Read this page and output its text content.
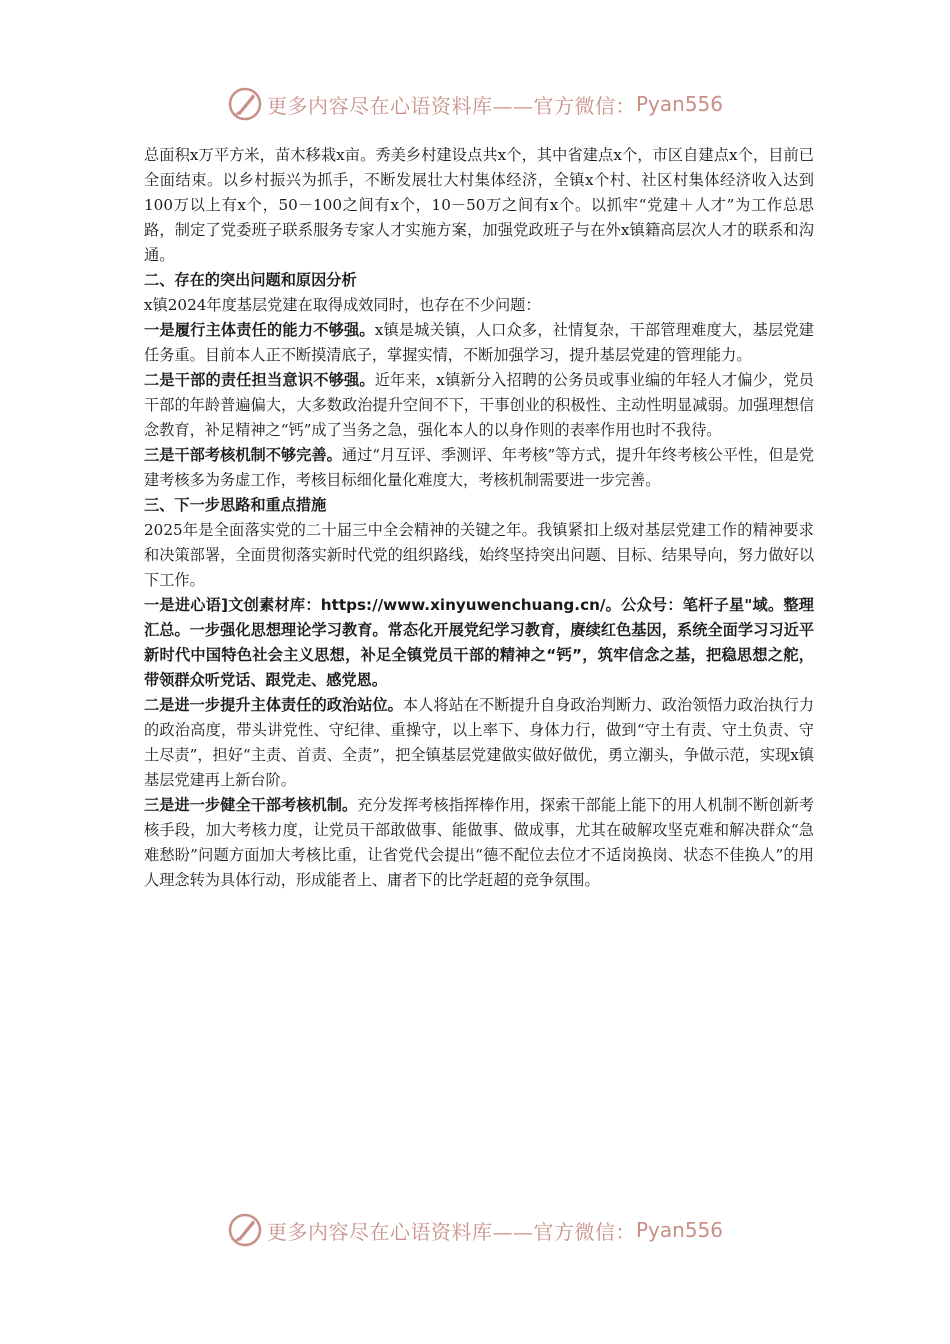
更多内容尽在心语资料库——官方微信： Pyan556

总面积x万平方米，苗木移栽x亩。秀美乡村建设点共x个，其中省建点x个，市区自建点x个，目前已全面结束。以乡村振兴为抓手，不断发展壮大村集体经济，全镇x个村、社区村集体经济收入达到100万以上有x个，50－100之间有x个，10－50万之间有x个。以抓牢“党建＋人才”为工作总思路，制定了党委班子联系服务专家人才实施方案，加强党政班子与在外x镇籍高层次人才的联系和沟通。

二、存在的突出问题和原因分析

x镇2024年度基层党建在取得成效同时，也存在不少问题：

一是履行主体责任的能力不够强。x镇是城关镇，人口众多，社情复杂，干部管理难度大，基层党建任务重。目前本人正不断摸清底子，掌握实情，不断加强学习，提升基层党建的管理能力。

二是干部的责任担当意识不够强。近年来，x镇新分入招聘的公务员或事业编的年轻人才偏少，党员干部的年龄普遍偏大，大多数政治提升空间不下，干事创业的积极性、主动性明显减弱。加强理想信念教育，补足精神之“钙”成了当务之急，强化本人的以身作则的表率作用也时不我待。

三是干部考核机制不够完善。通过“月互评、季测评、年考核”等方式，提升年终考核公平性，但是党建考核多为务虚工作，考核目标细化量化难度大，考核机制需要进一步完善。

三、下一步思路和重点措施

2025年是全面落实党的二十届三中全会精神的关键之年。我镇紧扣上级对基层党建工作的精神要求和决策部署，全面贯彻落实新时代党的组织路线，始终坚持突出问题、目标、结果导向，努力做好以下工作。

一是进心语]文创素材库：https://www.xinyuwenchuang.cn/。公众号：笔杆子星"域。整理汇总。一步强化思想理论学习教育。常态化开展党纪学习教育，赓续红色基因，系统全面学习习近平新时代中国特色社会主义思想，补足全镇党员干部的精神之“钙”，筑牢信念之基，把稳思想之舵，带领群众听党话、跟党走、感党恩。

二是进一步提升主体责任的政治站位。本人将站在不断提升自身政治判断力、政治领悟力政治执行力的政治高度，带头讲党性、守纪律、重操守，以上率下、身体力行，做到“守土有责、守土负责、守土尽责”，担好“主责、首责、全责”，把全镇基层党建做实做好做优，勇立潮头，争做示范，实现x镇基层党建再上新台阶。

三是进一步健全干部考核机制。充分发挥考核指挥棒作用，探索干部能上能下的用人机制不断创新考核手段，加大考核力度，让党员干部敢做事、能做事、做成事，尤其在破解攻坚克难和解决群众“急难愁盼”问题方面加大考核比重，让省党代会提出“德不配位去位才不适岗换岗、状态不佳换人”的用人理念转为具体行动，形成能者上、庸者下的比学赶超的竞争氛围。

更多内容尽在心语资料库——官方微信： Pyan556
